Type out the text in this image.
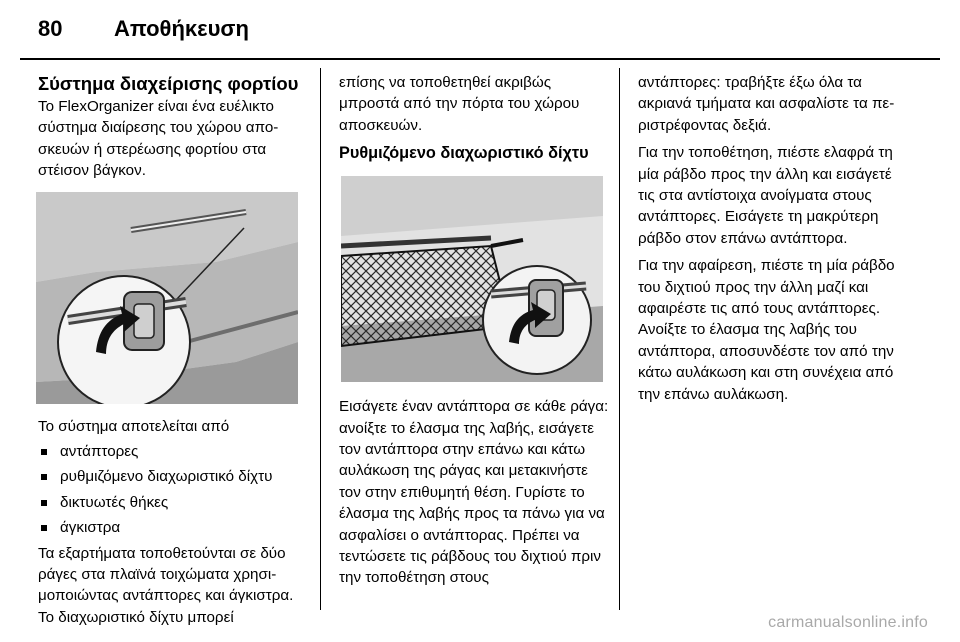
80 Αποθήκευση
Σύστημα διαχείρισης φορτίου

Το FlexOrganizer είναι ένα ευέλικτο σύστημα διαίρεσης του χώρου αποσκευών ή στερέωσης φορτίου στα στέισον βάγκον.

Το σύστημα αποτελείται από

αντάπτορες
ρυθμιζόμενο διαχωριστικό δίχτυ
δικτυωτές θήκες
άγκιστρα

Τα εξαρτήματα τοποθετούνται σε δύο ράγες στα πλαϊνά τοιχώματα χρησιμοποιώντας αντάπτορες και άγκιστρα. Το διαχωριστικό δίχτυ μπορεί

επίσης να τοποθετηθεί ακριβώς μπροστά από την πόρτα του χώρου αποσκευών.

Ρυθμιζόμενο διαχωριστικό δίχτυ

Εισάγετε έναν αντάπτορα σε κάθε ράγα: ανοίξτε το έλασμα της λαβής, εισάγετε τον αντάπτορα στην επάνω και κάτω αυλάκωση της ράγας και μετακινήστε τον στην επιθυμητή θέση. Γυρίστε το έλασμα της λαβής προς τα πάνω για να ασφαλίσει ο αντάπτορας. Πρέπει να τεντώσετε τις ράβδους του διχτιού πριν την τοποθέτηση στους

αντάπτορες: τραβήξτε έξω όλα τα ακριανά τμήματα και ασφαλίστε τα περιστρέφοντας δεξιά.

Για την τοποθέτηση, πιέστε ελαφρά τη μία ράβδο προς την άλλη και εισάγετέ τις στα αντίστοιχα ανοίγματα στους αντάπτορες. Εισάγετε τη μακρύτερη ράβδο στον επάνω αντάπτορα.

Για την αφαίρεση, πιέστε τη μία ράβδο του διχτιού προς την άλλη μαζί και αφαιρέστε τις από τους αντάπτορες. Ανοίξτε το έλασμα της λαβής του αντάπτορα, αποσυνδέστε τον από την κάτω αυλάκωση και στη συνέχεια από την επάνω αυλάκωση.

carmanualsonline.info
